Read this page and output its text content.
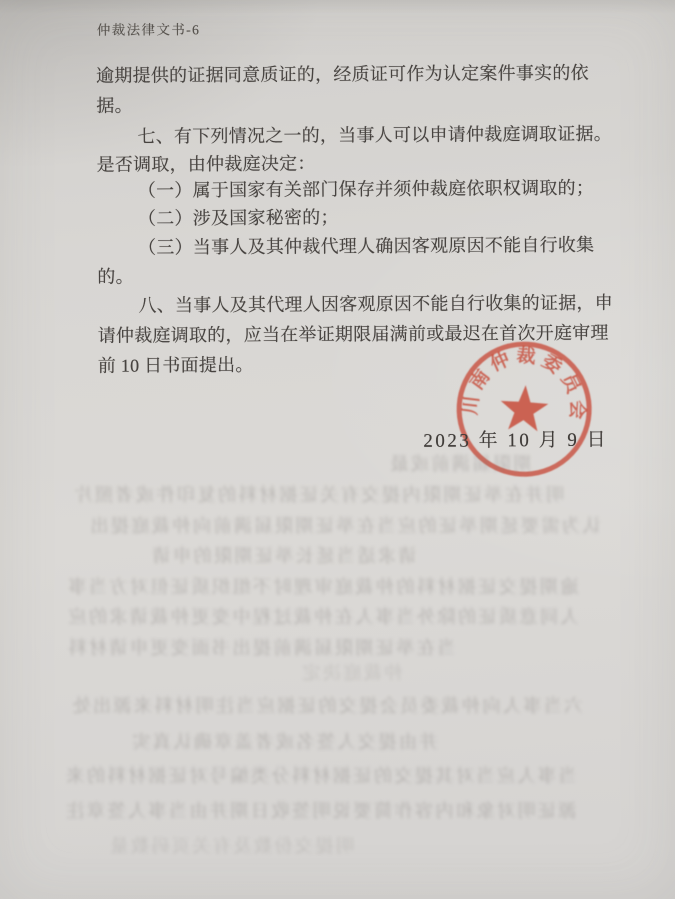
期限届满前或最
明并在举证期限内提交有关证据材料的复印件或者照片
认为需要延期举证的应当在举证期限届满前向仲裁庭提出
请求适当延长举证期限的申请
逾期提交证据材料的仲裁庭审理时不组织质证但对方当事
人同意质证的除外当事人在仲裁过程中变更仲裁请求的应
当在举证期限届满前提出书面变更申请材料
仲裁庭决定
六当事人向仲裁委员会提交的证据应当注明材料来源出处
并由提交人签名或者盖章确认真实
当事人应当对其提交的证据材料分类编号对证据材料的来
源证明对象和内容作简要说明签收日期并由当事人签章注
明提交份数及有关页码数量
仲裁法律文书-6
逾期提供的证据同意质证的，经质证可作为认定案件事实的依
据。
七、有下列情况之一的，当事人可以申请仲裁庭调取证据。
是否调取，由仲裁庭决定：
（一）属于国家有关部门保存并须仲裁庭依职权调取的；
（二）涉及国家秘密的；
（三）当事人及其仲裁代理人确因客观原因不能自行收集
的。
八、当事人及其代理人因客观原因不能自行收集的证据，申
请仲裁庭调取的，应当在举证期限届满前或最迟在首次开庭审理
前 10 日书面提出。
川南仲裁委员会
2023 年 10 月 9 日
